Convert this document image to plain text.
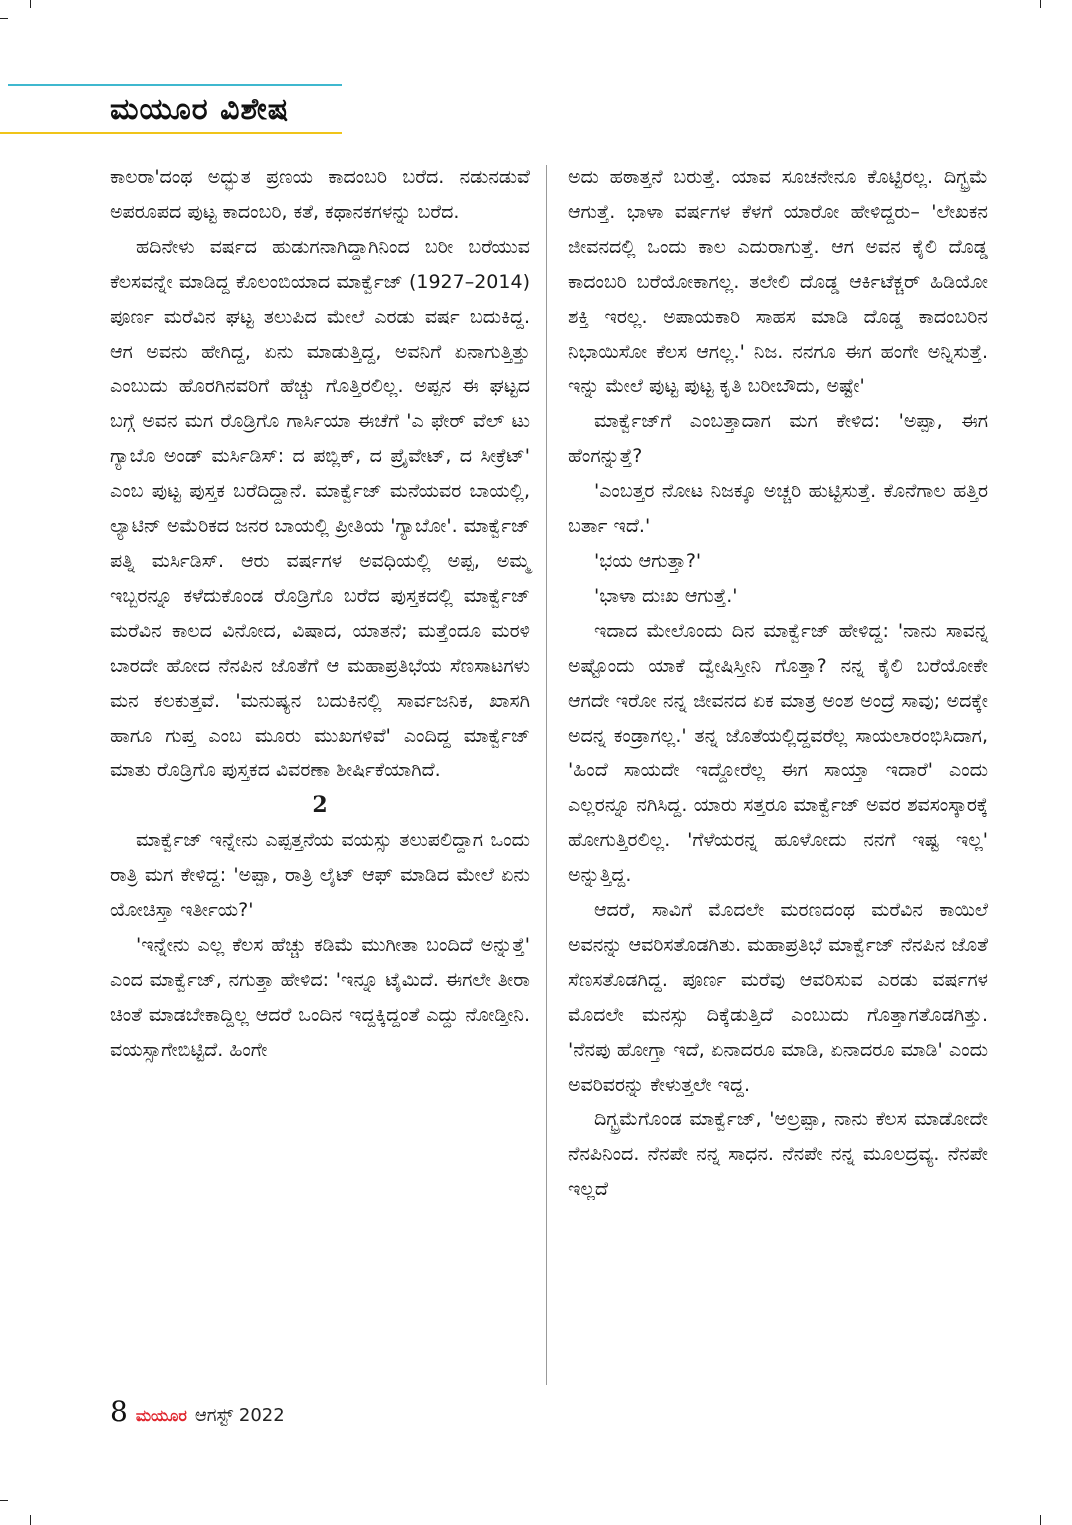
ಮಯೂರ ವಿಶೇಷ

ಕಾಲರಾ'ದಂಥ ಅದ್ಭುತ ಪ್ರಣಯ ಕಾದಂಬರಿ ಬರೆದ. ನಡುನಡುವೆ ಅಪರೂಪದ ಪುಟ್ಟ ಕಾದಂಬರಿ, ಕತೆ, ಕಥಾನಕಗಳನ್ನು ಬರೆದ.

ಹದಿನೇಳು ವರ್ಷದ ಹುಡುಗನಾಗಿದ್ದಾಗಿನಿಂದ ಬರೀ ಬರೆಯುವ ಕೆಲಸವನ್ನೇ ಮಾಡಿದ್ದ ಕೊಲಂಬಿಯಾದ ಮಾರ್ಕ್ವೆಜ್ (1927–2014) ಪೂರ್ಣ ಮರೆವಿನ ಘಟ್ಟ ತಲುಪಿದ ಮೇಲೆ ಎರಡು ವರ್ಷ ಬದುಕಿದ್ದ. ಆಗ ಅವನು ಹೇಗಿದ್ದ, ಏನು ಮಾಡುತ್ತಿದ್ದ, ಅವನಿಗೆ ಏನಾಗುತ್ತಿತ್ತು ಎಂಬುದು ಹೊರಗಿನವರಿಗೆ ಹೆಚ್ಚು ಗೊತ್ತಿರಲಿಲ್ಲ. ಅಪ್ಪನ ಈ ಘಟ್ಟದ ಬಗ್ಗೆ ಅವನ ಮಗ ರೊಡ್ರಿಗೊ ಗಾರ್ಸಿಯಾ ಈಚೆಗೆ 'ಎ ಫೇರ್ ವೆಲ್ ಟು ಗ್ಯಾಬೊ ಅಂಡ್ ಮರ್ಸಿಡಿಸ್: ದ ಪಬ್ಲಿಕ್, ದ ಪ್ರೈವೇಟ್, ದ ಸೀಕ್ರೆಟ್' ಎಂಬ ಪುಟ್ಟ ಪುಸ್ತಕ ಬರೆದಿದ್ದಾನೆ. ಮಾರ್ಕ್ವೆಜ್ ಮನೆಯವರ ಬಾಯಲ್ಲಿ, ಲ್ಯಾಟಿನ್ ಅಮೆರಿಕದ ಜನರ ಬಾಯಲ್ಲಿ ಪ್ರೀತಿಯ 'ಗ್ಯಾಬೋ'. ಮಾರ್ಕ್ವೆಜ್ ಪತ್ನಿ ಮರ್ಸಿಡಿಸ್. ಆರು ವರ್ಷಗಳ ಅವಧಿಯಲ್ಲಿ ಅಪ್ಪ, ಅಮ್ಮ ಇಬ್ಬರನ್ನೂ ಕಳೆದುಕೊಂಡ ರೊಡ್ರಿಗೊ ಬರೆದ ಪುಸ್ತಕದಲ್ಲಿ ಮಾರ್ಕ್ವೆಜ್ ಮರೆವಿನ ಕಾಲದ ವಿನೋದ, ವಿಷಾದ, ಯಾತನೆ; ಮತ್ತೆಂದೂ ಮರಳಿ ಬಾರದೇ ಹೋದ ನೆನಪಿನ ಜೊತೆಗೆ ಆ ಮಹಾಪ್ರತಿಭೆಯ ಸೆಣಸಾಟಗಳು ಮನ ಕಲಕುತ್ತವೆ. 'ಮನುಷ್ಯನ ಬದುಕಿನಲ್ಲಿ ಸಾರ್ವಜನಿಕ, ಖಾಸಗಿ ಹಾಗೂ ಗುಪ್ತ ಎಂಬ ಮೂರು ಮುಖಗಳಿವೆ' ಎಂದಿದ್ದ ಮಾರ್ಕ್ವೆಜ್ ಮಾತು ರೊಡ್ರಿಗೊ ಪುಸ್ತಕದ ವಿವರಣಾ ಶೀರ್ಷಿಕೆಯಾಗಿದೆ.

2

ಮಾರ್ಕ್ವೆಜ್ ಇನ್ನೇನು ಎಪ್ಪತ್ತನೆಯ ವಯಸ್ಸು ತಲುಪಲಿದ್ದಾಗ ಒಂದು ರಾತ್ರಿ ಮಗ ಕೇಳಿದ್ದ: 'ಅಪ್ಪಾ, ರಾತ್ರಿ ಲೈಟ್ ಆಫ್ ಮಾಡಿದ ಮೇಲೆ ಏನು ಯೋಚಿಸ್ತಾ ಇರ್ತೀಯ?'

'ಇನ್ನೇನು ಎಲ್ಲ ಕೆಲಸ ಹೆಚ್ಚು ಕಡಿಮೆ ಮುಗೀತಾ ಬಂದಿದೆ ಅನ್ನುತ್ತೆ' ಎಂದ ಮಾರ್ಕ್ವೆಜ್, ನಗುತ್ತಾ ಹೇಳಿದ: 'ಇನ್ನೂ ಟೈಮಿದೆ. ಈಗಲೇ ತೀರಾ ಚಿಂತೆ ಮಾಡಬೇಕಾದ್ದಿಲ್ಲ ಆದರೆ ಒಂದಿನ ಇದ್ದಕ್ಕಿದ್ದಂತೆ ಎದ್ದು ನೋಡ್ತೀನಿ. ವಯಸ್ಸಾಗೇಬಿಟ್ಟಿದೆ. ಹಿಂಗೇ

ಅದು ಹಠಾತ್ತನೆ ಬರುತ್ತೆ. ಯಾವ ಸೂಚನೇನೂ ಕೊಟ್ಟಿರಲ್ಲ. ದಿಗ್ಭ್ರಮೆ ಆಗುತ್ತೆ. ಭಾಳಾ ವರ್ಷಗಳ ಕೆಳಗೆ ಯಾರೋ ಹೇಳಿದ್ದರು– 'ಲೇಖಕನ ಜೀವನದಲ್ಲಿ ಒಂದು ಕಾಲ ಎದುರಾಗುತ್ತೆ. ಆಗ ಅವನ ಕೈಲಿ ದೊಡ್ಡ ಕಾದಂಬರಿ ಬರೆಯೋಕಾಗಲ್ಲ. ತಲೇಲಿ ದೊಡ್ಡ ಆರ್ಕಿಟೆಕ್ಚರ್ ಹಿಡಿಯೋ ಶಕ್ತಿ ಇರಲ್ಲ. ಅಪಾಯಕಾರಿ ಸಾಹಸ ಮಾಡಿ ದೊಡ್ಡ ಕಾದಂಬರಿನ ನಿಭಾಯಿಸೋ ಕೆಲಸ ಆಗಲ್ಲ.' ನಿಜ. ನನಗೂ ಈಗ ಹಂಗೇ ಅನ್ನಿಸುತ್ತೆ. ಇನ್ನು ಮೇಲೆ ಪುಟ್ಟ ಪುಟ್ಟ ಕೃತಿ ಬರೀಬೌದು, ಅಷ್ಟೇ'

ಮಾರ್ಕ್ವೆಜ್‌ಗೆ ಎಂಬತ್ತಾದಾಗ ಮಗ ಕೇಳಿದ: 'ಅಪ್ಪಾ, ಈಗ ಹೆಂಗನ್ನುತ್ತೆ?

'ಎಂಬತ್ತರ ನೋಟ ನಿಜಕ್ಕೂ ಅಚ್ಚರಿ ಹುಟ್ಟಿಸುತ್ತೆ. ಕೊನೆಗಾಲ ಹತ್ತಿರ ಬರ್ತಾ ಇದೆ.'

'ಭಯ ಆಗುತ್ತಾ?'

'ಭಾಳಾ ದುಃಖ ಆಗುತ್ತೆ.'

ಇದಾದ ಮೇಲೊಂದು ದಿನ ಮಾರ್ಕ್ವೆಜ್ ಹೇಳಿದ್ದ: 'ನಾನು ಸಾವನ್ನ ಅಷ್ಟೊಂದು ಯಾಕೆ ದ್ವೇಷಿಸ್ತೀನಿ ಗೊತ್ತಾ? ನನ್ನ ಕೈಲಿ ಬರೆಯೋಕೇ ಆಗದೇ ಇರೋ ನನ್ನ ಜೀವನದ ಏಕ ಮಾತ್ರ ಅಂಶ ಅಂದ್ರೆ ಸಾವು; ಅದಕ್ಕೇ ಅದನ್ನ ಕಂಡ್ರಾಗಲ್ಲ.' ತನ್ನ ಜೊತೆಯಲ್ಲಿದ್ದವರೆಲ್ಲ ಸಾಯಲಾರಂಭಿಸಿದಾಗ, 'ಹಿಂದೆ ಸಾಯದೇ ಇದ್ದೋರೆಲ್ಲ ಈಗ ಸಾಯ್ತಾ ಇದಾರೆ' ಎಂದು ಎಲ್ಲರನ್ನೂ ನಗಿಸಿದ್ದ. ಯಾರು ಸತ್ತರೂ ಮಾರ್ಕ್ವೆಜ್ ಅವರ ಶವಸಂಸ್ಕಾರಕ್ಕೆ ಹೋಗುತ್ತಿರಲಿಲ್ಲ. 'ಗೆಳೆಯರನ್ನ ಹೂಳೋದು ನನಗೆ ಇಷ್ಟ ಇಲ್ಲ' ಅನ್ನುತ್ತಿದ್ದ.

ಆದರೆ, ಸಾವಿಗೆ ಮೊದಲೇ ಮರಣದಂಥ ಮರೆವಿನ ಕಾಯಿಲೆ ಅವನನ್ನು ಆವರಿಸತೊಡಗಿತು. ಮಹಾಪ್ರತಿಭೆ ಮಾರ್ಕ್ವೆಜ್ ನೆನಪಿನ ಜೊತೆ ಸೆಣಸತೊಡಗಿದ್ದ. ಪೂರ್ಣ ಮರೆವು ಆವರಿಸುವ ಎರಡು ವರ್ಷಗಳ ಮೊದಲೇ ಮನಸ್ಸು ದಿಕ್ಕೆಡುತ್ತಿದೆ ಎಂಬುದು ಗೊತ್ತಾಗತೊಡಗಿತ್ತು. 'ನೆನಪು ಹೋಗ್ತಾ ಇದೆ, ಏನಾದರೂ ಮಾಡಿ, ಏನಾದರೂ ಮಾಡಿ' ಎಂದು ಅವರಿವರನ್ನು ಕೇಳುತ್ತಲೇ ಇದ್ದ.

ದಿಗ್ಭ್ರಮೆಗೊಂಡ ಮಾರ್ಕ್ವೆಜ್, 'ಅಲ್ರಪ್ಪಾ, ನಾನು ಕೆಲಸ ಮಾಡೋದೇ ನೆನಪಿನಿಂದ. ನೆನಪೇ ನನ್ನ ಸಾಧನ. ನೆನಪೇ ನನ್ನ ಮೂಲದ್ರವ್ಯ. ನೆನಪೇ ಇಲ್ಲದೆ

8 ಮಯೂರ ಆಗಸ್ಟ್ 2022
